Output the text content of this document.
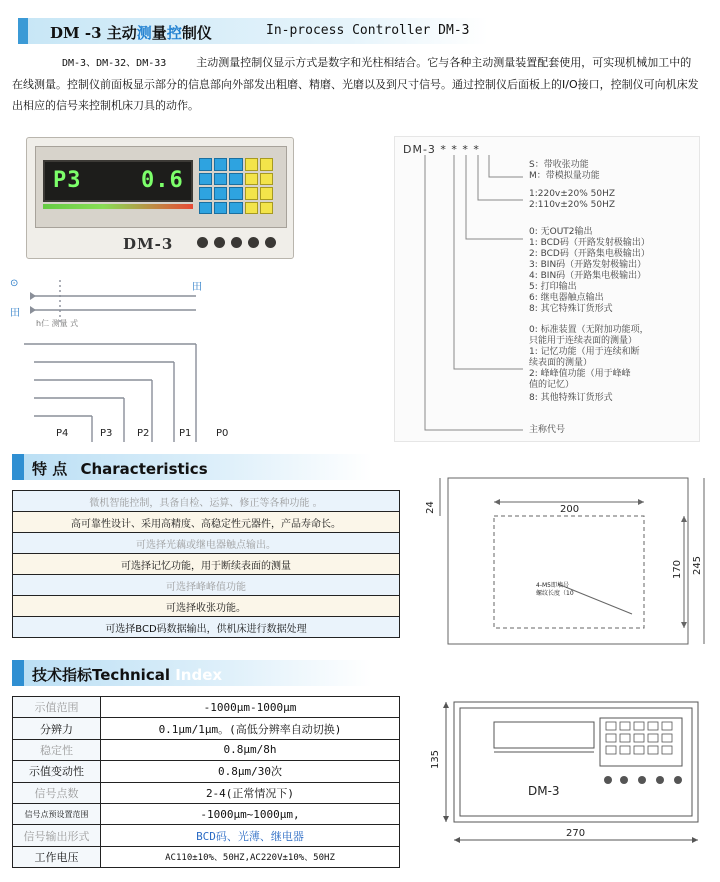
DM -3 主动测量控制仪	In-process Controller DM-3

DM-3、DM-32、DM-33	主动测量控制仪显示方式是数字和光柱相结合。它与各种主动测量装置配套使用，可实现机械加工中的在线测量。控制仪前面板显示部分的信息部向外部发出粗磨、精磨、光磨以及到尺寸信号。通过控制仪后面板上的I/O接口，控制仪可向机床发出相应的信号来控制机床刀具的动作。

P3	0.6
DM-3
⊙	田
田
h仁 测量 式
P4	P3 P2	P1 P0
DM-3 * * * *
S：带收张功能
M：带模拟量功能
1:220v±20% 50HZ
2:110v±20% 50HZ
0: 无OUT2输出
1: BCD码（开路发射极输出）
2: BCD码（开路集电极输出）
3: BIN码（开路发射极输出）
4: BIN码（开路集电极输出）
5: 打印输出
6: 继电器触点输出
8: 其它特殊订货形式
0: 标准装置（无附加功能项，
只能用于连续表面的测量）
1: 记忆功能（用于连续和断
续表面的测量）
2: 峰峰值功能（用于峰峰
值的记忆）
8: 其他特殊订货形式
主称代号
特 点 Characteristics
微机智能控制，具备自检、运算、修正等各种功能 。
高可靠性设计、采用高精度、高稳定性元器件，产品寿命长。
可选择光藕或继电器触点输出。
可选择记忆功能，用于断续表面的测量
可选择峰峰值功能
可选择收张功能。
可选择BCD码数据输出，供机床进行数据处理
技术指标Technical Index
示值范围	-1000μm-1000μm
分辨力	0.1μm/1μm。(高低分辨率自动切换)
稳定性	0.8μm/8h
示值变动性	0.8μm/30次
信号点数	2-4(正常情况下)
信号点预设置范围	-1000μm~1000μm,
信号输出形式	BCD码、光薄、继电器
工作电压	AC110±10%、50HZ,AC220V±10%、50HZ
24	200
170 245
4-M5即墙号
螺纹长度（10
135
270
DM-3
